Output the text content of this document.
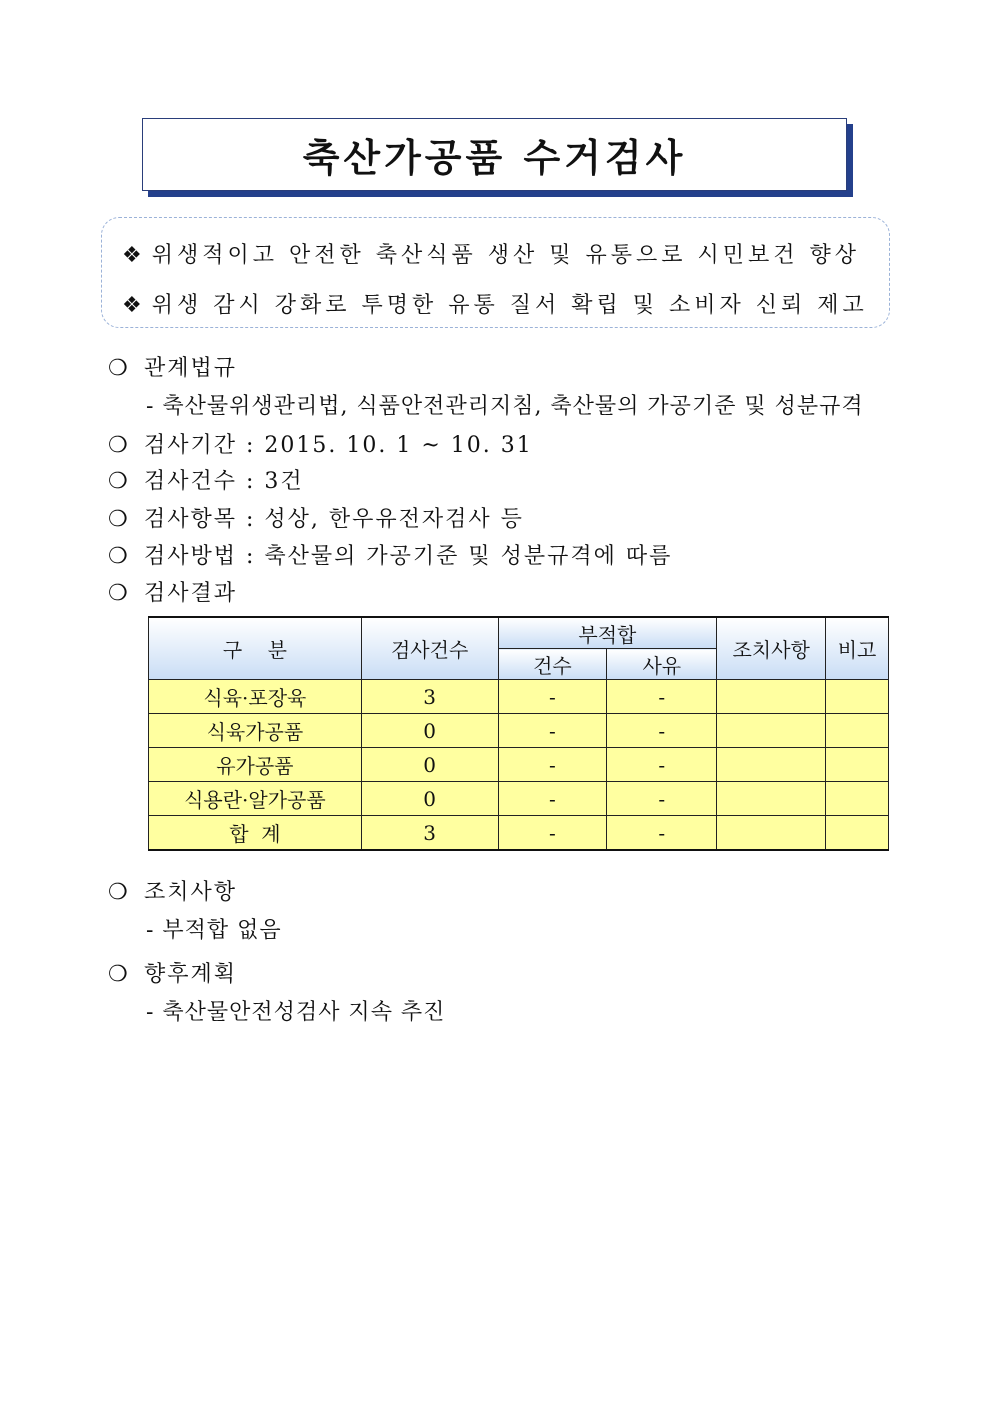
축산가공품 수거검사
❖ 위생적이고 안전한 축산식품 생산 및 유통으로 시민보건 향상
❖ 위생 감시 강화로 투명한 유통 질서 확립 및 소비자 신뢰 제고
❍ 관계법규
- 축산물위생관리법, 식품안전관리지침, 축산물의 가공기준 및 성분규격
❍ 검사기간 : 2015. 10. 1 ~ 10. 31
❍ 검사건수 : 3건
❍ 검사항목 : 성상, 한우유전자검사 등
❍ 검사방법 : 축산물의 가공기준 및 성분규격에 따름
❍ 검사결과
구    분	검사건수	부적합		조치사항	비고
		건수	사유		
식육·포장육	3	-	-		
식육가공품	0	-	-		
유가공품	0	-	-		
식용란·알가공품	0	-	-		
합  계	3	-	-		
❍ 조치사항
- 부적합 없음
❍ 향후계획
- 축산물안전성검사 지속 추진
